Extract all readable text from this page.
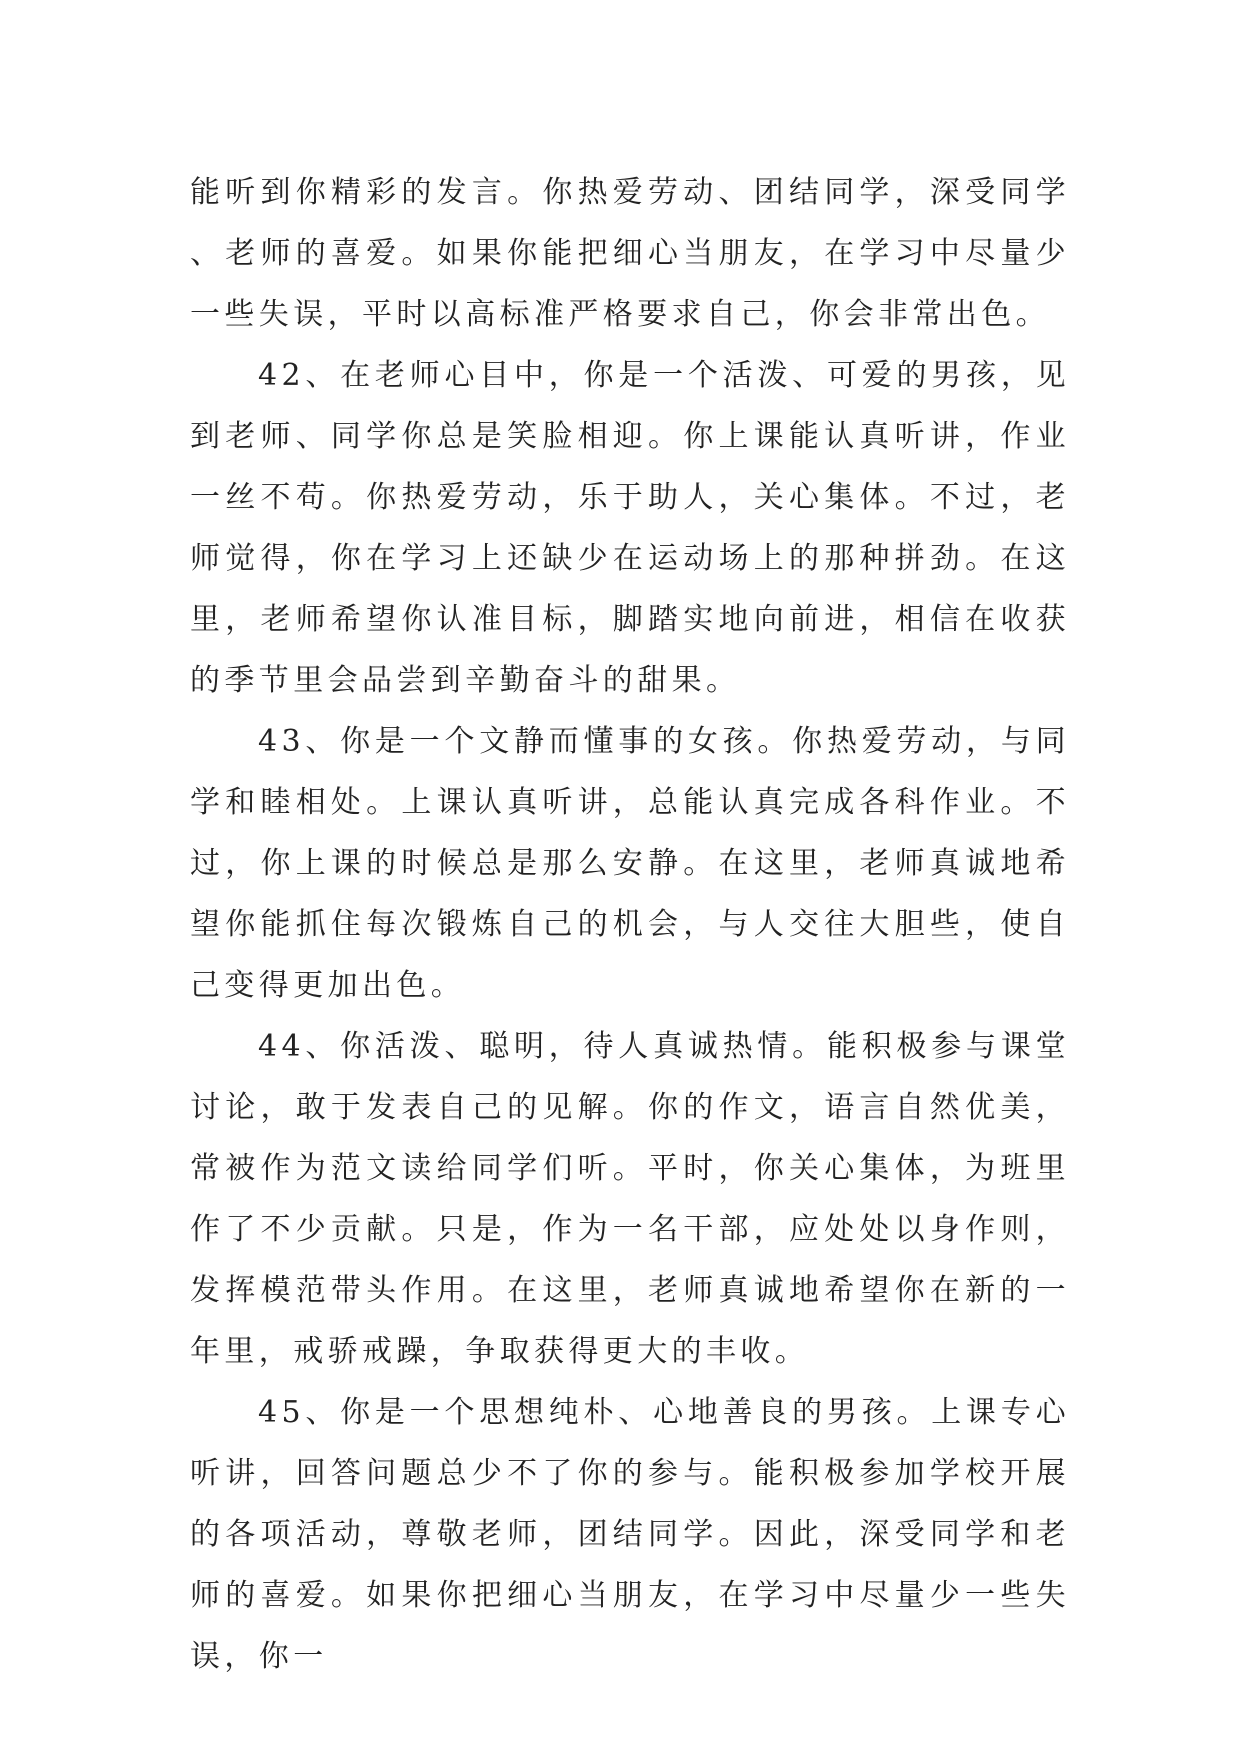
能听到你精彩的发言。你热爱劳动、团结同学，深受同学、老师的喜爱。如果你能把细心当朋友，在学习中尽量少一些失误，平时以高标准严格要求自己，你会非常出色。

42、在老师心目中，你是一个活泼、可爱的男孩，见到老师、同学你总是笑脸相迎。你上课能认真听讲，作业一丝不苟。你热爱劳动，乐于助人，关心集体。不过，老师觉得，你在学习上还缺少在运动场上的那种拼劲。在这里，老师希望你认准目标，脚踏实地向前进，相信在收获的季节里会品尝到辛勤奋斗的甜果。

43、你是一个文静而懂事的女孩。你热爱劳动，与同学和睦相处。上课认真听讲，总能认真完成各科作业。不过，你上课的时候总是那么安静。在这里，老师真诚地希望你能抓住每次锻炼自己的机会，与人交往大胆些，使自己变得更加出色。

44、你活泼、聪明，待人真诚热情。能积极参与课堂讨论，敢于发表自己的见解。你的作文，语言自然优美，常被作为范文读给同学们听。平时，你关心集体，为班里作了不少贡献。只是，作为一名干部，应处处以身作则，发挥模范带头作用。在这里，老师真诚地希望你在新的一年里，戒骄戒躁，争取获得更大的丰收。

45、你是一个思想纯朴、心地善良的男孩。上课专心听讲，回答问题总少不了你的参与。能积极参加学校开展的各项活动，尊敬老师，团结同学。因此，深受同学和老师的喜爱。如果你把细心当朋友，在学习中尽量少一些失误，你一
